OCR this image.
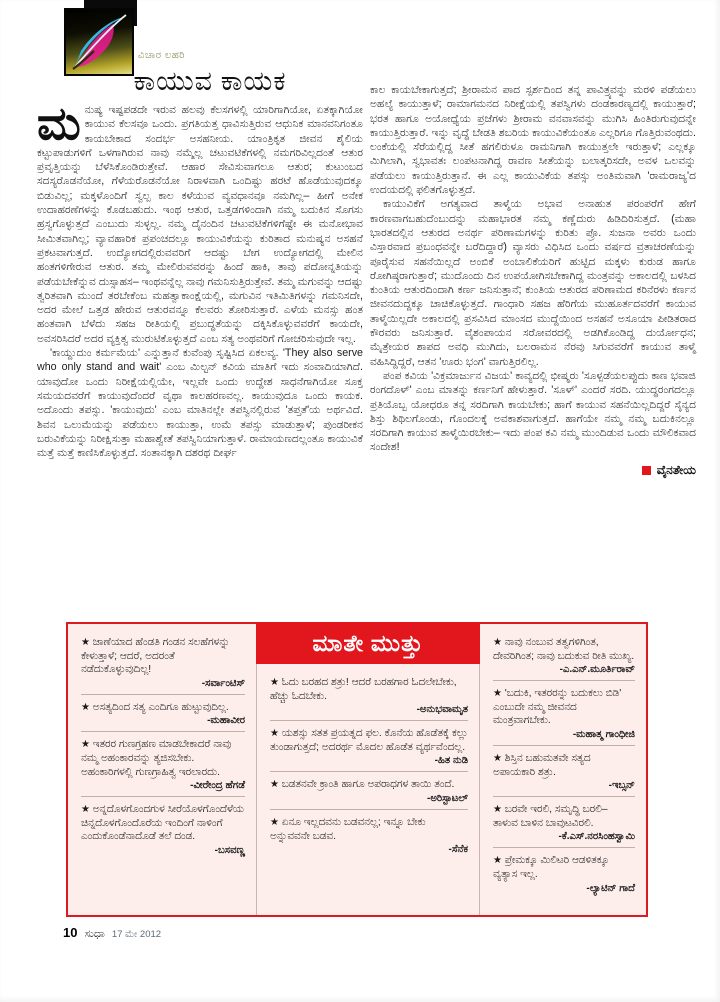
ವಿಚಾರ ಲಹರಿ
ಕಾಯುವ ಕಾಯಕ

ಮನುಷ್ಯ ಇಷ್ಟಪಡದೇ ಇರುವ ಹಲವು ಕೆಲಸಗಳಲ್ಲಿ ಯಾರಿಗಾಗಿಯೋ, ಏತಕ್ಕಾಗಿಯೋ ಕಾಯುವ ಕೆಲಸವೂ ಒಂದು. ಪ್ರಗತಿಯತ್ತ ಧಾವಿಸುತ್ತಿರುವ ಆಧುನಿಕ ಮಾನವನಿಗಂತೂ ಕಾಯಬೇಕಾದ ಸಂದರ್ಭ ಅಸಹನೀಯ. ಯಾಂತ್ರಿಕೃತ ಜೀವನ ಶೈಲಿಯ ಕಟ್ಟುಪಾಡುಗಳಿಗೆ ಒಳಗಾಗಿರುವ ನಾವು ನಮ್ಮೆಲ್ಲ ಚಟುವಟಿಕೆಗಳಲ್ಲಿ ನಮಗರಿವಿಲ್ಲದಂತೆ ಆತುರ ಪ್ರವೃತ್ತಿಯನ್ನು ಬೆಳೆಸಿಕೊಂಡಿರುತ್ತೇವೆ. ಆಹಾರ ಸೇವಿಸುವಾಗಲೂ ಆತುರ; ಕುಟುಂಬದ ಸದಸ್ಯರೊಡನೆಯೋ, ಗೆಳೆಯರೊಡನೆಯೋ ನಿರಾಳವಾಗಿ ಒಂದಿಷ್ಟು ಹರಟೆ ಹೊಡೆಯುವುದಕ್ಕೂ ಬಿಡುವಿಲ್ಲ; ಮಕ್ಕಳೊಂದಿಗೆ ಸ್ವಲ್ಪ ಕಾಲ ಕಳೆಯುವ ವ್ಯವಧಾನವೂ ನಮಗಿಲ್ಲ– ಹೀಗೆ ಅನೇಕ ಉದಾಹರಣೆಗಳನ್ನು ಕೊಡಬಹುದು. ಇಂಥ ಆತುರ, ಒತ್ತಡಗಳಿಂದಾಗಿ ನಮ್ಮ ಬದುಕಿನ ಸೊಗಸು ಹ್ರಸ್ವಗೊಳ್ಳುತ್ತದೆ ಎಂಬುದು ಸುಳ್ಳಲ್ಲ. ನಮ್ಮ ದೈನಂದಿನ ಚಟುವಟಿಕೆಗಳಿಗೆಷ್ಟೇ ಈ ಮನೋಭಾವ ಸೀಮಿತವಾಗಿಲ್ಲ; ವ್ಯಾವಹಾರಿಕ ಪ್ರಪಂಚದಲ್ಲೂ ಕಾಯುವಿಕೆಯನ್ನು ಕುರಿತಾದ ಮನುಷ್ಯನ ಅಸಹನೆ ಪ್ರಕಟವಾಗುತ್ತದೆ. ಉದ್ಯೋಗದಲ್ಲಿರುವವರಿಗೆ ಆದಷ್ಟು ಬೇಗ ಉದ್ಯೋಗದಲ್ಲಿ ಮೇಲಿನ ಹಂತಗಳಿಗೇರುವ ಆತುರ. ತಮ್ಮ ಮೇಲಿರುವವರನ್ನು ಹಿಂದೆ ಹಾಕಿ, ತಾವು ಪದೋನ್ನತಿಯನ್ನು ಪಡೆಯಬೇಕೆನ್ನುವ ದುಸ್ಸಾಹಸ– ಇಂಥವನ್ನೆಲ್ಲ ನಾವು ಗಮನಿಸುತ್ತಿರುತ್ತೇವೆ. ತಮ್ಮ ಮಗುವನ್ನು ಆದಷ್ಟು ತ್ವರಿತವಾಗಿ ಮುಂದೆ ತರಬೇಕೆಂಬ ಮಹತ್ವಾಕಾಂಕ್ಷೆಯಲ್ಲಿ, ಮಗುವಿನ ಇತಿಮಿತಿಗಳನ್ನು ಗಮನಿಸದೇ, ಅದರ ಮೇಲೆ ಒತ್ತಡ ಹೇರುವ ಆತುರವನ್ನೂ ಕೆಲವರು ತೋರಿಸುತ್ತಾರೆ. ಎಳೆಯ ಮನಸ್ಸು ಹಂತ ಹಂತವಾಗಿ ಬೆಳೆದು ಸಹಜ ರೀತಿಯಲ್ಲಿ ಪ್ರಬುದ್ಧತೆಯನ್ನು ದಕ್ಕಿಸಿಕೊಳ್ಳುವವರೆಗೆ ಕಾಯದೇ, ಅವಸರಿಸಿದರೆ ಅದರ ವ್ಯಕ್ತಿತ್ವ ಮುರುಟಿಕೊಳ್ಳುತ್ತದೆ ಎಂಬ ಸತ್ಯ ಅಂಥವರಿಗೆ ಗೋಚರಿಸುವುದೇ ಇಲ್ಲ.

'ಕಾಯ್ದುದುಂ ಕರ್ಮಮೆಯ' ಎನ್ನುತ್ತಾನೆ ಕುವೆಂಪು ಸೃಷ್ಟಿಸಿದ ಏಕಲವ್ಯ. 'They also serve who only stand and wait' ಎಂಬ ಮಿಲ್ಟನ್ ಕವಿಯ ಮಾತಿಗೆ ಇದು ಸಂವಾದಿಯಾಗಿದೆ. ಯಾವುದೋ ಒಂದು ನಿರೀಕ್ಷೆಯಲ್ಲಿಯೇ, ಇಲ್ಲವೇ ಒಂದು ಉದ್ದೇಶ ಸಾಧನೆಗಾಗಿಯೋ ಸೂಕ್ತ ಸಮಯದವರೆಗೆ ಕಾಯುವುದೆಂದರೆ ವೃಥಾ ಕಾಲಹರಣವಲ್ಲ. ಕಾಯುವುದೂ ಒಂದು ಕಾಯಕ. ಅದೊಂದು ತಪಸ್ಸು. 'ಕಾಯುವುದು' ಎಂಬ ಮಾತಿನಲ್ಲೇ ತಪಸ್ವಿನಲ್ಲಿರುವ 'ತಪ್ತತೆ'ಯ ಅರ್ಥವಿದೆ. ಶಿವನ ಒಲುಮೆಯನ್ನು ಪಡೆಯಲು ಕಾಯುತ್ತಾ, ಉಮೆ ತಪಸ್ಸು ಮಾಡುತ್ತಾಳೆ; ಪುಂಡರೀಕನ ಬರುವಿಕೆಯನ್ನು ನಿರೀಕ್ಷಿಸುತ್ತಾ ಮಹಾಶ್ವೇತೆ ತಪಸ್ವಿನಿಯಾಗುತ್ತಾಳೆ. ರಾಮಾಯಣದಲ್ಲಂತೂ ಕಾಯುವಿಕೆ ಮತ್ತೆ ಮತ್ತೆ ಕಾಣಿಸಿಕೊಳ್ಳುತ್ತದೆ. ಸಂತಾನಕ್ಕಾಗಿ ದಶರಥ ದೀರ್ಘ

ಕಾಲ ಕಾಯಬೇಕಾಗುತ್ತದೆ; ಶ್ರೀರಾಮನ ಪಾದ ಸ್ಪರ್ಶದಿಂದ ತನ್ನ ಪಾವಿತ್ರ್ಯವನ್ನು ಮರಳಿ ಪಡೆಯಲು ಅಹಲ್ಯೆ ಕಾಯುತ್ತಾಳೆ; ರಾಮಾಗಮನದ ನಿರೀಕ್ಷೆಯಲ್ಲಿ ತಪಸ್ವಿಗಳು ದಂಡಕಾರಣ್ಯದಲ್ಲಿ ಕಾಯುತ್ತಾರೆ; ಭರತ ಹಾಗೂ ಅಯೋಧ್ಯೆಯ ಪ್ರಜೆಗಳು ಶ್ರೀರಾಮ ವನವಾಸವನ್ನು ಮುಗಿಸಿ ಹಿಂತಿರುಗುವುದನ್ನೇ ಕಾಯುತ್ತಿರುತ್ತಾರೆ. ಇನ್ನು ವೃದ್ಧೆ ಬೇಡತಿ ಶಬರಿಯ ಕಾಯುವಿಕೆಯಂತೂ ಎಲ್ಲರಿಗೂ ಗೊತ್ತಿರುವಂಥದು. ಲಂಕೆಯಲ್ಲಿ ಸೆರೆಯಲ್ಲಿದ್ದ ಸೀತೆ ಹಗಲಿರುಳೂ ರಾಮನಿಗಾಗಿ ಕಾಯುತ್ತಲೇ ಇರುತ್ತಾಳೆ; ಎಲ್ಲಕ್ಕೂ ಮಿಗಿಲಾಗಿ, ಸ್ವಭಾವತಃ ಲಂಪಟನಾಗಿದ್ದ ರಾವಣ ಸೀತೆಯನ್ನು ಬಲಾತ್ಕರಿಸದೇ, ಅವಳ ಒಲವನ್ನು ಪಡೆಯಲು ಕಾಯುತ್ತಿರುತ್ತಾನೆ. ಈ ಎಲ್ಲ ಕಾಯುವಿಕೆಯ ತಪಸ್ಸು ಅಂತಿಮವಾಗಿ 'ರಾಮರಾಜ್ಯ'ದ ಉದಯದಲ್ಲಿ ಫಲಿತಗೊಳ್ಳುತ್ತದೆ.

ಕಾಯುವಿಕೆಗೆ ಅಗತ್ಯವಾದ ತಾಳ್ಮೆಯ ಅಭಾವ ಅನಾಹುತ ಪರಂಪರೆಗೆ ಹೇಗೆ ಕಾರಣವಾಗಬಹುದೆಂಬುದನ್ನು ಮಹಾಭಾರತ ನಮ್ಮ ಕಣ್ಣೆದುರು ಹಿಡಿದಿರಿಸುತ್ತದೆ. (ಮಹಾ ಭಾರತದಲ್ಲಿನ ಆತುರದ ಅನರ್ಥ ಪರಿಣಾಮಗಳನ್ನು ಕುರಿತು ಪ್ರೊ. ಸುಜನಾ ಅವರು ಒಂದು ವಿಸ್ತಾರವಾದ ಪ್ರಬಂಧವನ್ನೇ ಬರೆದಿದ್ದಾರೆ) ವ್ಯಾಸರು ವಿಧಿಸಿದ ಒಂದು ವರ್ಷದ ವ್ರತಾಚರಣೆಯನ್ನು ಪೂರೈಸುವ ಸಹನೆಯಿಲ್ಲದೆ ಅಂಬಿಕೆ ಅಂಬಾಲಿಕೆಯರಿಗೆ ಹುಟ್ಟಿದ ಮಕ್ಕಳು ಕುರುಡ ಹಾಗೂ ರೋಗಿಷ್ಠರಾಗುತ್ತಾರೆ; ಮುದೊಂದು ದಿನ ಉಪಯೋಗಿಸಬೇಕಾಗಿದ್ದ ಮಂತ್ರವನ್ನು ಅಕಾಲದಲ್ಲಿ ಬಳಸಿದ ಕುಂತಿಯ ಆತುರದಿಂದಾಗಿ ಕರ್ಣ ಜನಿಸುತ್ತಾನೆ; ಕುಂತಿಯ ಆತುರದ ಪರಿಣಾಮದ ಕರಿನೆರಳು ಕರ್ಣನ ಜೀವನದುದ್ದಕ್ಕೂ ಚಾಚಿಕೊಳ್ಳುತ್ತದೆ. ಗಾಂಧಾರಿ ಸಹಜ ಹೆರಿಗೆಯ ಮುಹೂರ್ತದವರೆಗೆ ಕಾಯುವ ತಾಳ್ಮೆಯಿಲ್ಲದೇ ಅಕಾಲದಲ್ಲಿ ಪ್ರಸವಿಸಿದ ಮಾಂಸದ ಮುದ್ದೆಯಿಂದ ಅಸಹನೆ ಅಸೂಯಾ ಪೀಡಿತರಾದ ಕೌರವರು ಜನಿಸುತ್ತಾರೆ. ವೈಶಂಪಾಯನ ಸರೋವರದಲ್ಲಿ ಅಡಗಿಕೊಂಡಿದ್ದ ದುರ್ಯೋಧನ; ಮೈತ್ರೇಯರ ಶಾಪದ ಅವಧಿ ಮುಗಿದು, ಬಲರಾಮನ ನೆರವು ಸಿಗುವವರೆಗೆ ಕಾಯುವ ತಾಳ್ಮೆ ವಹಿಸಿದ್ದಿದ್ದರೆ, ಆತನ 'ಊರು ಭಂಗ' ವಾಗುತ್ತಿರಲಿಲ್ಲ.

ಪಂಪ ಕವಿಯ 'ವಿಕ್ರಮಾರ್ಜುನ ವಿಜಯ' ಕಾವ್ಯದಲ್ಲಿ ಭೀಷ್ಮರು 'ಸೂಳ್ಪಡೆಯಲಪ್ಪುದು ಕಾಣ ಭವಾಜಿ ರಂಗದೊಳ್' ಎಂಬ ಮಾತನ್ನು ಕರ್ಣನಿಗೆ ಹೇಳುತ್ತಾರೆ. 'ಸೂಳ್' ಎಂದರೆ ಸರದಿ. ಯುದ್ಧರಂಗದಲ್ಲೂ ಪ್ರತಿಯೊಬ್ಬ ಯೋಧರೂ ತನ್ನ ಸರದಿಗಾಗಿ ಕಾಯಬೇಕು; ಹಾಗೆ ಕಾಯುವ ಸಹನೆಯಿಲ್ಲದಿದ್ದರೆ ಸೈನ್ಯದ ಶಿಸ್ತು ಶಿಥಿಲಗೊಂಡು, ಗೊಂದಲಕ್ಕೆ ಅವಕಾಶವಾಗುತ್ತದೆ. ಹಾಗೆಯೇ ನಮ್ಮ ನಮ್ಮ ಬದುಕಿನಲ್ಲೂ ಸರದಿಗಾಗಿ ಕಾಯುವ ತಾಳ್ಮೆಯಿರಬೇಕು– ಇದು ಪಂಪ ಕವಿ ನಮ್ಮ ಮುಂದಿಡುವ ಒಂದು ಮೌಲಿಕವಾದ ಸಂದೇಶ!

ವೈನತೇಯ
ಮಾತೇ ಮುತ್ತು
★ ಜಾಣೆಯಾದ ಹೆಂಡತಿ ಗಂಡನ ಸಲಹೆಗಳನ್ನು ಕೇಳುತ್ತಾಳೆ; ಆದರೆ, ಅದರಂತೆ ನಡೆದುಕೊಳ್ಳುವುದಿಲ್ಲ!
-ಸರ್ವಾಂಟಿಸ್
★ ಅಸತ್ಯದಿಂದ ಸತ್ಯ ಎಂದಿಗೂ ಹುಟ್ಟುವುದಿಲ್ಲ.
-ಮಹಾವೀರ
★ ಇತರರ ಗುಣಗ್ರಹಣ ಮಾಡಬೇಕಾದರೆ ನಾವು ನಮ್ಮ ಅಹಂಕಾರವನ್ನು ತ್ಯಜಿಸಬೇಕು. ಅಹಂಕಾರಿಗಳಲ್ಲಿ ಗುಣಗ್ರಾಹಿತ್ವ ಇರಲಾರದು.
-ವೀರೇಂದ್ರ ಹೆಗಡೆ
★ ಅನ್ನದೊಳಗೊಂದಗುಳ ಸೀರೆಯೊಳಗೊಂದೆಳೆಯ ಚಿನ್ನದೊಳಗೊಂದೊರೆಯ ಇಂದಿಂಗೆ ನಾಳಿಂಗೆ ಎಂದುಕೊಂಡೆನಾದೊಡೆ ತಲೆ ದಂಡ.
-ಬಸವಣ್ಣ
★ ಓದು ಬರಹದ ಶತ್ರು! ಆದರೆ ಬರಹಗಾರ ಓದಲೇಬೇಕು, ಹೆಚ್ಚು ಓದಬೇಕು.
-ಅನುಭವಾಮೃತ
★ ಯಶಸ್ಸು ಸತತ ಪ್ರಯತ್ನದ ಫಲ. ಕೊನೆಯ ಹೊಡೆತಕ್ಕೆ ಕಲ್ಲು ತುಂಡಾಗುತ್ತದೆ; ಅದರರ್ಥ ಮೊದಲ ಹೊಡೆತ ವ್ಯರ್ಥವೆಂದಲ್ಲ.
-ಹಿತ ನುಡಿ
★ ಬಡತನವೇ ಕ್ರಾಂತಿ ಹಾಗೂ ಅಪರಾಧಗಳ ತಾಯಿ ತಂದೆ.
-ಅರಿಸ್ಟಾಟಲ್
★ ಏನೂ ಇಲ್ಲದವನು ಬಡವನಲ್ಲ; ಇನ್ನೂ ಬೇಕು ಅನ್ನುವವನೇ ಬಡವ.
-ಸೆನೆಕ
★ ನಾವು ನಂಬುವ ತತ್ವಗಳಿಗಿಂತ, ದೇವರಿಗಿಂತ; ನಾವು ಬದುಕುವ ರೀತಿ ಮುಖ್ಯ.
-ಎ.ಎನ್.ಮೂರ್ತಿರಾವ್
★ 'ಬದುಕಿ, ಇತರರನ್ನು ಬದುಕಲು ಬಿಡಿ' ಎಂಬುದೇ ನಮ್ಮ ಜೀವನದ ಮಂತ್ರವಾಗಬೇಕು.
-ಮಹಾತ್ಮ ಗಾಂಧೀಜಿ
★ ಶಿಸ್ತಿನ ಬಹುಮತವೇ ಸತ್ಯದ ಅಪಾಯಕಾರಿ ಶತ್ರು.
-ಇಬ್ಸನ್
★ ಬರವೇ ಇರಲಿ, ಸಮೃದ್ಧಿ ಬರಲಿ– ತಾಳುವ ಬಾಳಿನ ಬಾವುಟವಿರಲಿ.
-ಕೆ.ಎಸ್.ನರಸಿಂಹಸ್ವಾಮಿ
★ ಪ್ರೇಮಕ್ಕೂ ಮಿಲಿಟರಿ ಆಡಳಿತಕ್ಕೂ ವ್ಯತ್ಯಾಸ ಇಲ್ಲ.
-ಲ್ಯಾಟಿನ್ ಗಾದೆ
10 ಸುಧಾ 17 ಮೇ 2012
